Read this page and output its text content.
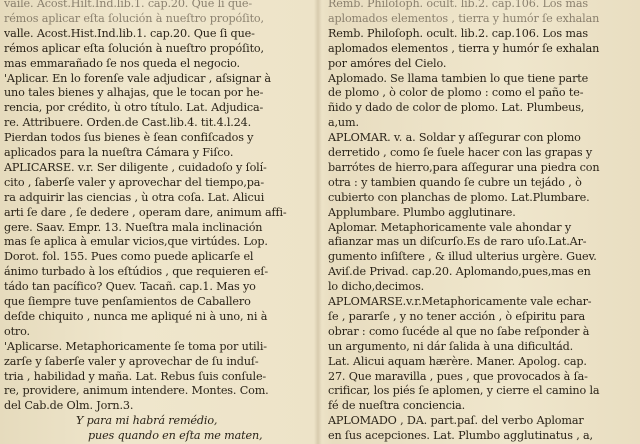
vaile. Acost.Hilt.Ind.lib.1. cap.20. Que li que-
rémos aplicar eſta ſolución à nueſtro propóſito,
valle. Acost.Hist.Ind.lib.1. cap.20. Que ſi que-
rémos aplicar eſta ſolución à nueſtro propóſito,
mas emmarañado ſe nos queda el negocio.
'Aplicar. En lo forenſe vale adjudicar , aſsignar à
uno tales bienes y alhajas, que le tocan por he-
rencia, por crédito, ù otro título. Lat. Adjudica-
re. Attribuere. Orden.de Cast.lib.4. tit.4.l.24.
Pierdan todos ſus bienes è ſean confiſcados y
aplicados para la nueſtra Cámara y Fiſco.
APLICARSE. v.r. Ser diligente , cuidadoſo y ſolí-
cito , ſaberſe valer y aprovechar del tiempo,pa-
ra adquirir las ciencias , ù otra coſa. Lat. Alicui
arti ſe dare , ſe dedere , operam dare, animum affi-
gere. Saav. Empr. 13. Nueſtra mala inclinación
mas ſe aplica à emular vicios,que virtúdes. Lop.
Dorot. fol. 155. Pues como puede aplicarſe el
ánimo turbado à los eſtúdios , que requieren eſ-
tádo tan pacífico? Quev. Tacañ. cap.1. Mas yo
que ſiempre tuve penſamientos de Caballero
deſde chiquito , nunca me apliqué ni à uno, ni à
otro.
'Aplicarse. Metaphoricamente ſe toma por utili-
zarſe y ſaberſe valer y aprovechar de ſu induſ-
tria , habilidad y maña. Lat. Rebus ſuis conſule-
re, providere, animum intendere. Montes. Com.
del Cab.de Olm. Jorn.3.
Y para mi habrá remédio,
pues quando en eſta me maten,
Remb. Philoſoph. ocult. lib.2. cap.106. Los mas
aplomados elementos , tierra y humór ſe exhalan
Remb. Philoſoph. ocult. lib.2. cap.106. Los mas
aplomados elementos , tierra y humór ſe exhalan
por amóres del Cielo.
Aplomado. Se llama tambien lo que tiene parte
de plomo , ò color de plomo : como el paño te-
ñido y dado de color de plomo. Lat. Plumbeus,
a,um.
APLOMAR. v. a. Soldar y aſſegurar con plomo
derretido , como ſe ſuele hacer con las grapas y
barrótes de hierro,para aſſegurar una piedra con
otra : y tambien quando ſe cubre un tejádo , ò
cubierto con planchas de plomo. Lat.Plumbare.
Applumbare. Plumbo agglutinare.
Aplomar. Metaphoricamente vale ahondar y
afianzar mas un diſcurſo.Es de raro uſo.Lat.Ar-
gumento inſiſtere , & illud ulterius urgère. Guev.
Aviſ.de Privad. cap.20. Aplomando,pues,mas en
lo dicho,decimos.
APLOMARSE.v.r.Metaphoricamente vale echar-
ſe , pararſe , y no tener acción , ò eſpiritu para
obrar : como ſucéde al que no ſabe reſponder à
un argumento, ni dár ſalida à una dificultád.
Lat. Alicui aquam hærère. Maner. Apolog. cap.
27. Que maravilla , pues , que provocados à ſa-
crificar, los piés ſe aplomen, y cierre el camino la
fé de nueſtra conciencia.
APLOMADO , DA. part.paſ. del verbo Aplomar
en ſus acepciones. Lat. Plumbo agglutinatus , a,
